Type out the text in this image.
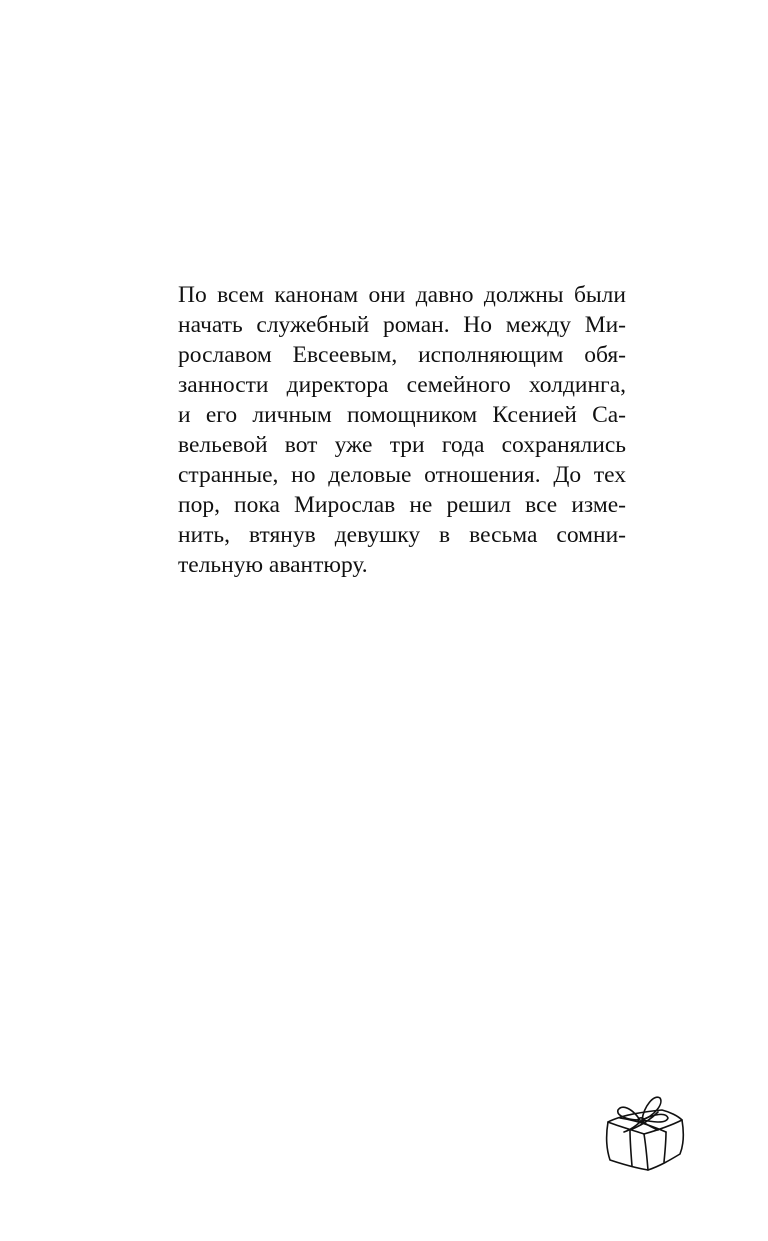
По всем канонам они давно должны были
начать служебный роман. Но между Ми-
рославом Евсеевым, исполняющим обя-
занности директора семейного холдинга,
и его личным помощником Ксенией Са-
вельевой вот уже три года сохранялись
странные, но деловые отношения. До тех
пор, пока Мирослав не решил все изме-
нить, втянув девушку в весьма сомни-
тельную авантюру.
